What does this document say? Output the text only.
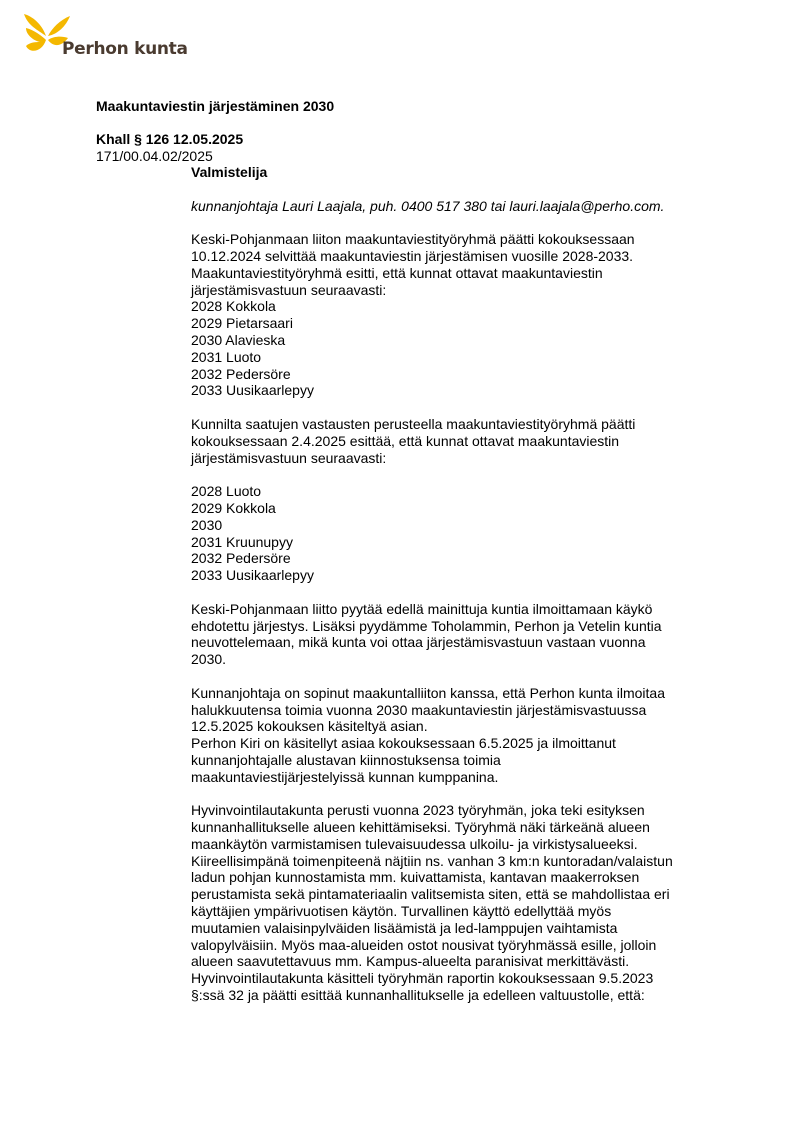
Perhon kunta
Maakuntaviestin järjestäminen 2030
Khall § 126 12.05.2025
171/00.04.02/2025

Valmistelija

kunnanjohtaja Lauri Laajala, puh. 0400 517 380 tai lauri.laajala@perho.com.

Keski-Pohjanmaan liiton maakuntaviestityöryhmä päätti kokouksessaan

10.12.2024 selvittää maakuntaviestin järjestämisen vuosille 2028-2033.

Maakuntaviestityöryhmä esitti, että kunnat ottavat maakuntaviestin

järjestämisvastuun seuraavasti:

2028 Kokkola

2029 Pietarsaari

2030 Alavieska

2031 Luoto

2032 Pedersöre

2033 Uusikaarlepyy

Kunnilta saatujen vastausten perusteella maakuntaviestityöryhmä päätti

kokouksessaan 2.4.2025 esittää, että kunnat ottavat maakuntaviestin

järjestämisvastuun seuraavasti:

2028 Luoto

2029 Kokkola

2030

2031 Kruunupyy

2032 Pedersöre

2033 Uusikaarlepyy

Keski-Pohjanmaan liitto pyytää edellä mainittuja kuntia ilmoittamaan käykö

ehdotettu järjestys. Lisäksi pyydämme Toholammin, Perhon ja Vetelin kuntia

neuvottelemaan, mikä kunta voi ottaa järjestämisvastuun vastaan vuonna

2030.

Kunnanjohtaja on sopinut maakuntalliiton kanssa, että Perhon kunta ilmoitaa

halukkuutensa toimia vuonna 2030 maakuntaviestin järjestämisvastuussa

12.5.2025 kokouksen käsiteltyä asian.

Perhon Kiri on käsitellyt asiaa kokouksessaan 6.5.2025 ja ilmoittanut

kunnanjohtajalle alustavan kiinnostuksensa toimia

maakuntaviestijärjestelyissä kunnan kumppanina.

Hyvinvointilautakunta perusti vuonna 2023 työryhmän, joka teki esityksen

kunnanhallitukselle alueen kehittämiseksi. Työryhmä näki tärkeänä alueen

maankäytön varmistamisen tulevaisuudessa ulkoilu- ja virkistysalueeksi.

Kiireellisimpänä toimenpiteenä näjtiin ns. vanhan 3 km:n kuntoradan/valaistun

ladun pohjan kunnostamista mm. kuivattamista, kantavan maakerroksen

perustamista sekä pintamateriaalin valitsemista siten, että se mahdollistaa eri

käyttäjien ympärivuotisen käytön. Turvallinen käyttö edellyttää myös

muutamien valaisinpylväiden lisäämistä ja led-lamppujen vaihtamista

valopylväisiin. Myös maa-alueiden ostot nousivat työryhmässä esille, jolloin

alueen saavutettavuus mm. Kampus-alueelta paranisivat merkittävästi.

Hyvinvointilautakunta käsitteli työryhmän raportin kokouksessaan 9.5.2023

§:ssä 32 ja päätti esittää kunnanhallitukselle ja edelleen valtuustolle, että:
